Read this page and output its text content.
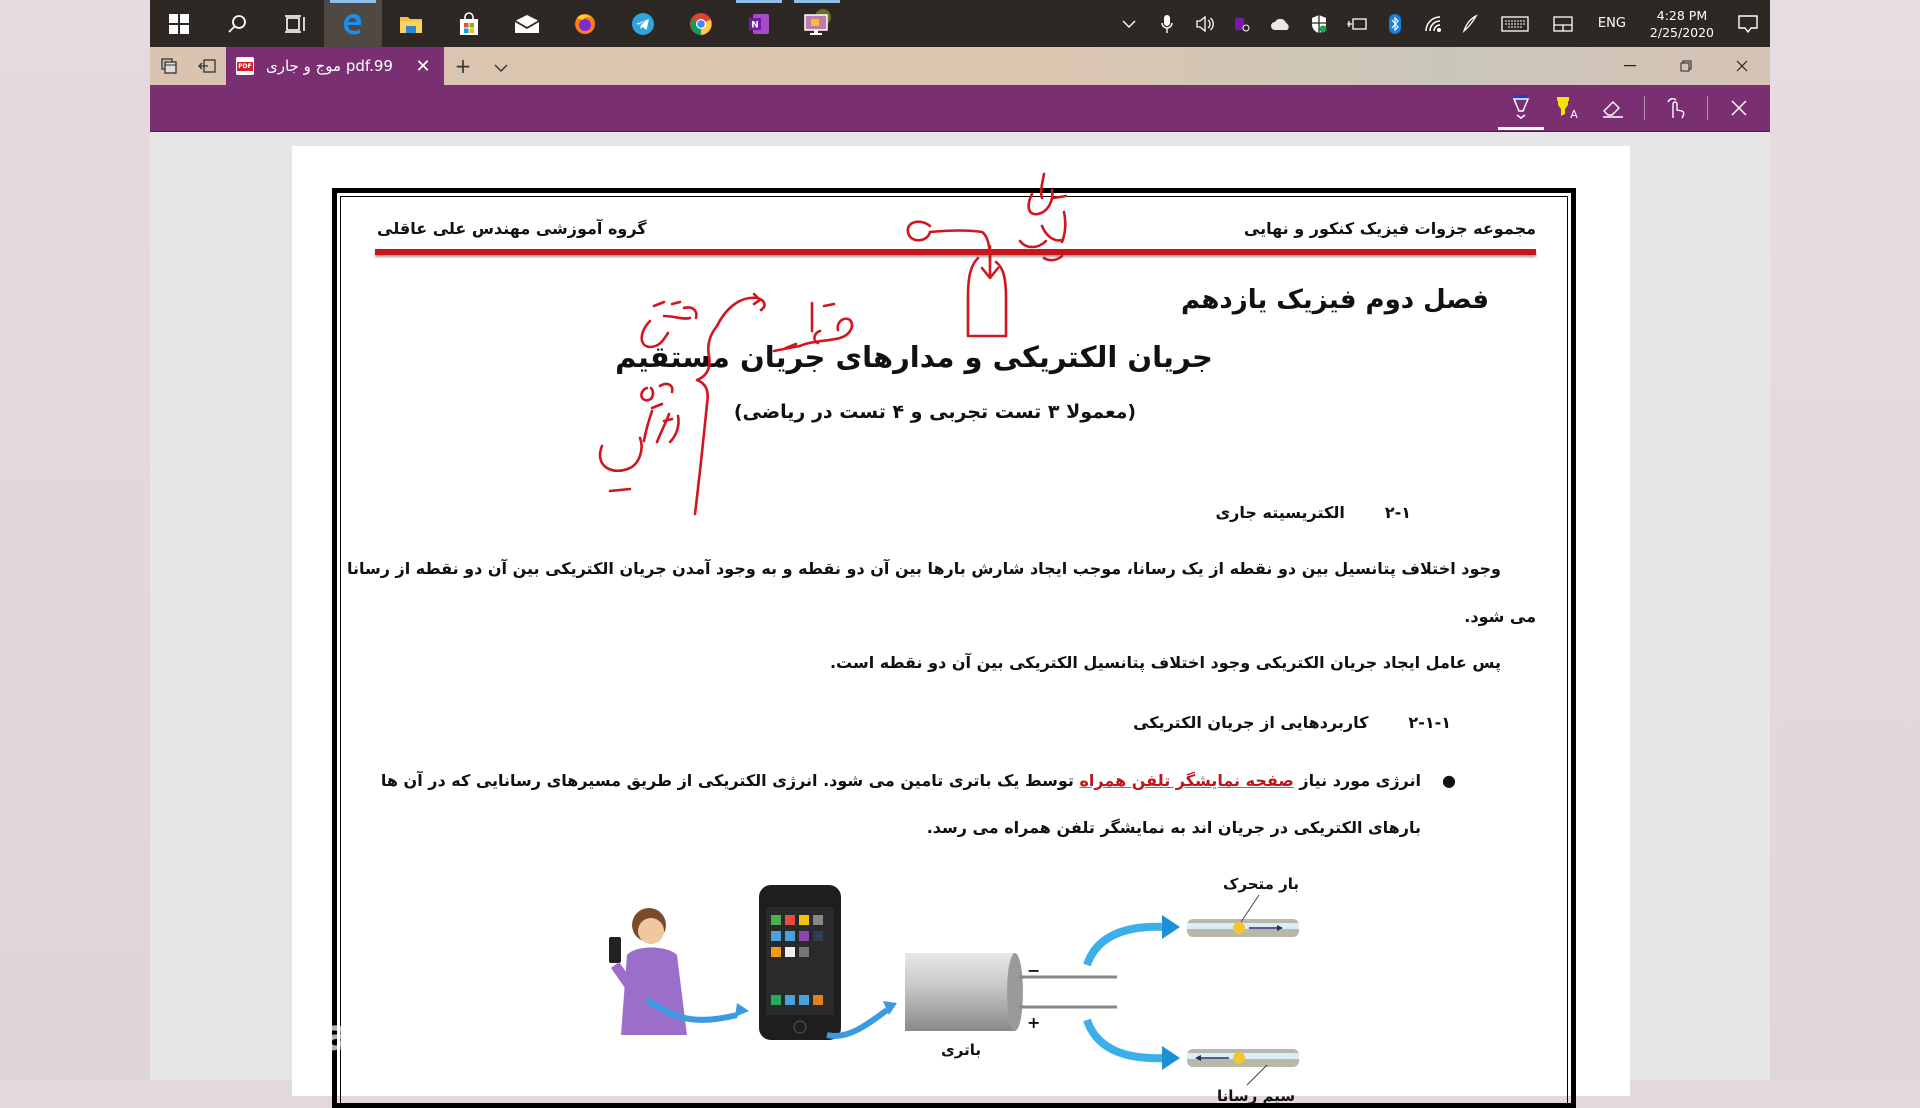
N	ENG
4:28 PM
2/25/2020
PDF موج و جاری pdf.99	✕	+
A
مجموعه جزوات فیزیک کنکور و نهایی
گروه آموزشی مهندس علی عاقلی
فصل دوم فیزیک یازدهم
جریان الکتریکی و مدارهای جریان مستقیم
(معمولا ۳ تست تجربی و ۴ تست در ریاضی)
۲-۱
الکتریسیته جاری
وجود اختلاف پتانسیل بین دو نقطه از یک رسانا، موجب ایجاد شارش بارها بین آن دو نقطه و به وجود آمدن جریان الکتریکی بین آن دو نقطه از رسانا
می شود.
پس عامل ایجاد جریان الکتریکی وجود اختلاف پتانسیل الکتریکی بین آن دو نقطه است.
۲-۱-۱
کاربردهایی از جریان الکتریکی
●
انرژی مورد نیاز صفحه نمایشگر تلفن همراه توسط یک باتری تامین می شود. انرژی الکتریکی از طریق مسیرهای رسانایی که در آن ها
بارهای الکتریکی در جریان اند به نمایشگر تلفن همراه می رسد.
−
+
بار متحرک
باتری
سیم رسانا
apara
